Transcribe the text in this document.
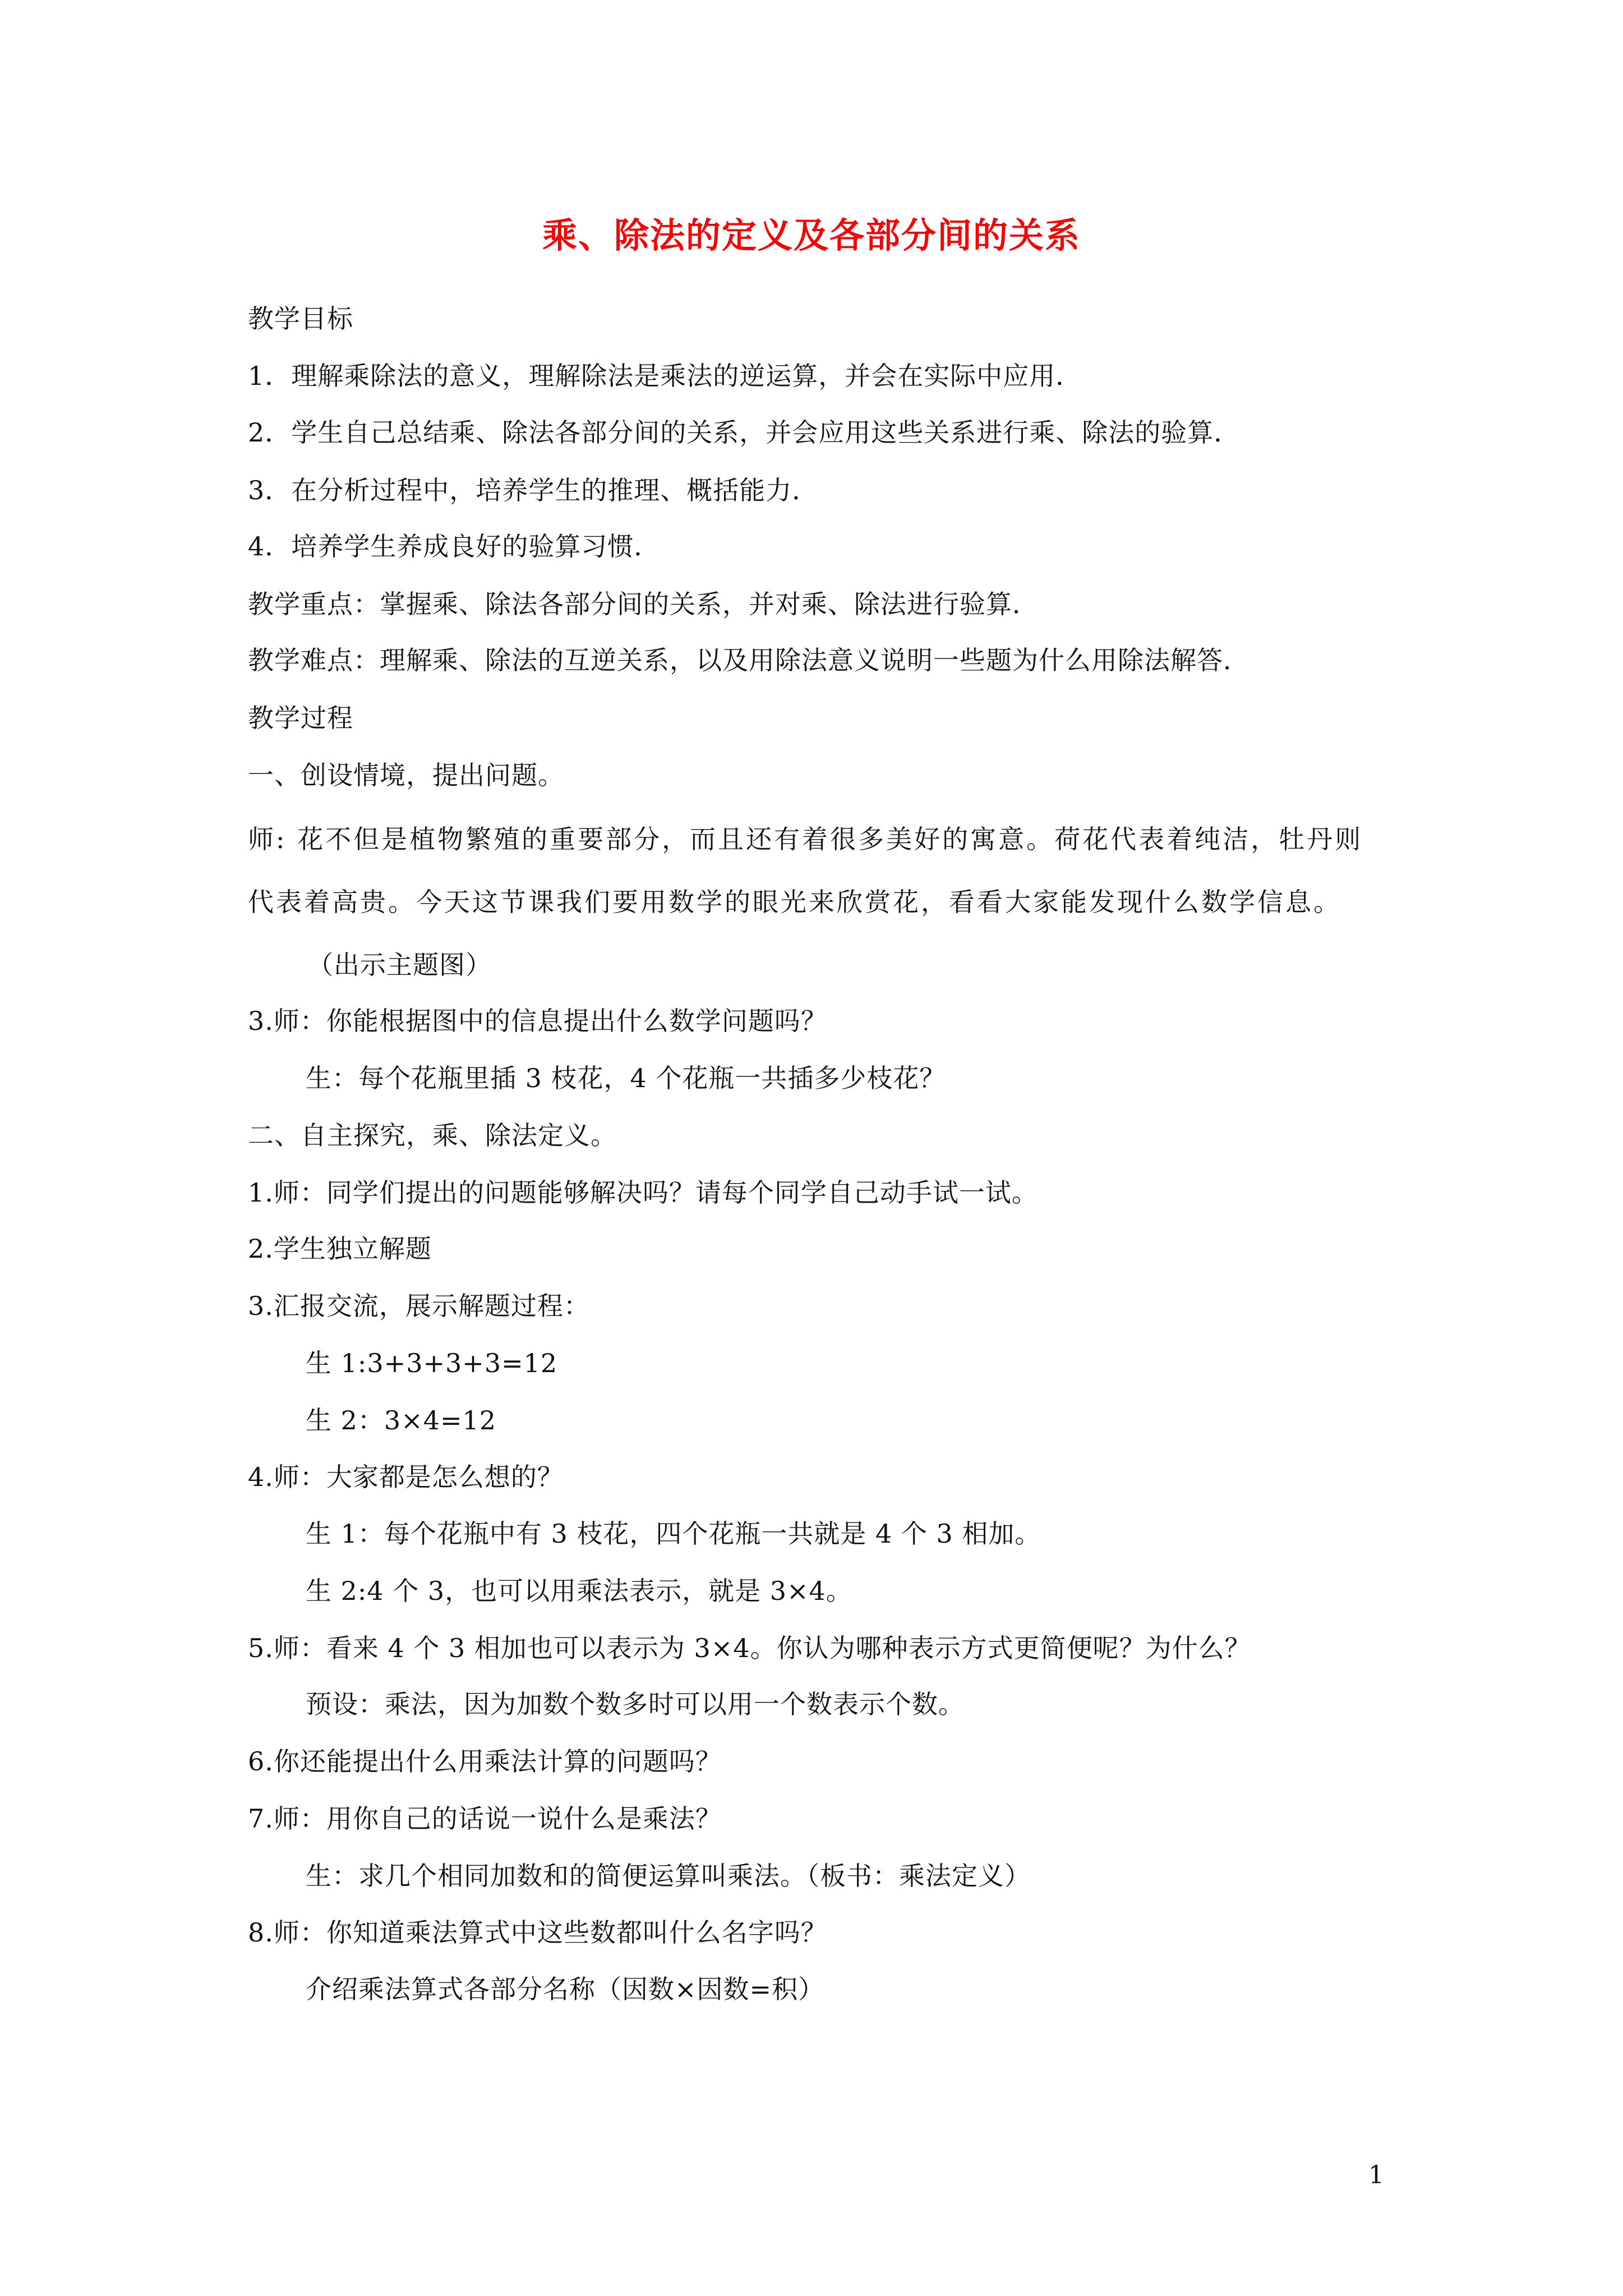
乘、除法的定义及各部分间的关系
教学目标
1．理解乘除法的意义，理解除法是乘法的逆运算，并会在实际中应用．
2．学生自己总结乘、除法各部分间的关系，并会应用这些关系进行乘、除法的验算．
3．在分析过程中，培养学生的推理、概括能力．
4．培养学生养成良好的验算习惯．
教学重点：掌握乘、除法各部分间的关系，并对乘、除法进行验算．
教学难点：理解乘、除法的互逆关系，以及用除法意义说明一些题为什么用除法解答．
教学过程
一、创设情境，提出问题。
师: 花不但是植物繁殖的重要部分，而且还有着很多美好的寓意。荷花代表着纯洁，牡丹则
代表着高贵。今天这节课我们要用数学的眼光来欣赏花，看看大家能发现什么数学信息。
（出示主题图）
3.师：你能根据图中的信息提出什么数学问题吗？
生：每个花瓶里插 3 枝花，4 个花瓶一共插多少枝花？
二、自主探究，乘、除法定义。
1.师：同学们提出的问题能够解决吗？请每个同学自己动手试一试。
2.学生独立解题
3.汇报交流，展示解题过程：
生 1:3+3+3+3=12
生 2：3×4=12
4.师：大家都是怎么想的？
生 1：每个花瓶中有 3 枝花，四个花瓶一共就是 4 个 3 相加。
生 2:4 个 3，也可以用乘法表示，就是 3×4。
5.师：看来 4 个 3 相加也可以表示为 3×4。你认为哪种表示方式更简便呢？为什么？
预设：乘法，因为加数个数多时可以用一个数表示个数。
6.你还能提出什么用乘法计算的问题吗？
7.师：用你自己的话说一说什么是乘法？
生：求几个相同加数和的简便运算叫乘法。（板书：乘法定义）
8.师：你知道乘法算式中这些数都叫什么名字吗？
介绍乘法算式各部分名称（因数×因数=积）
1
